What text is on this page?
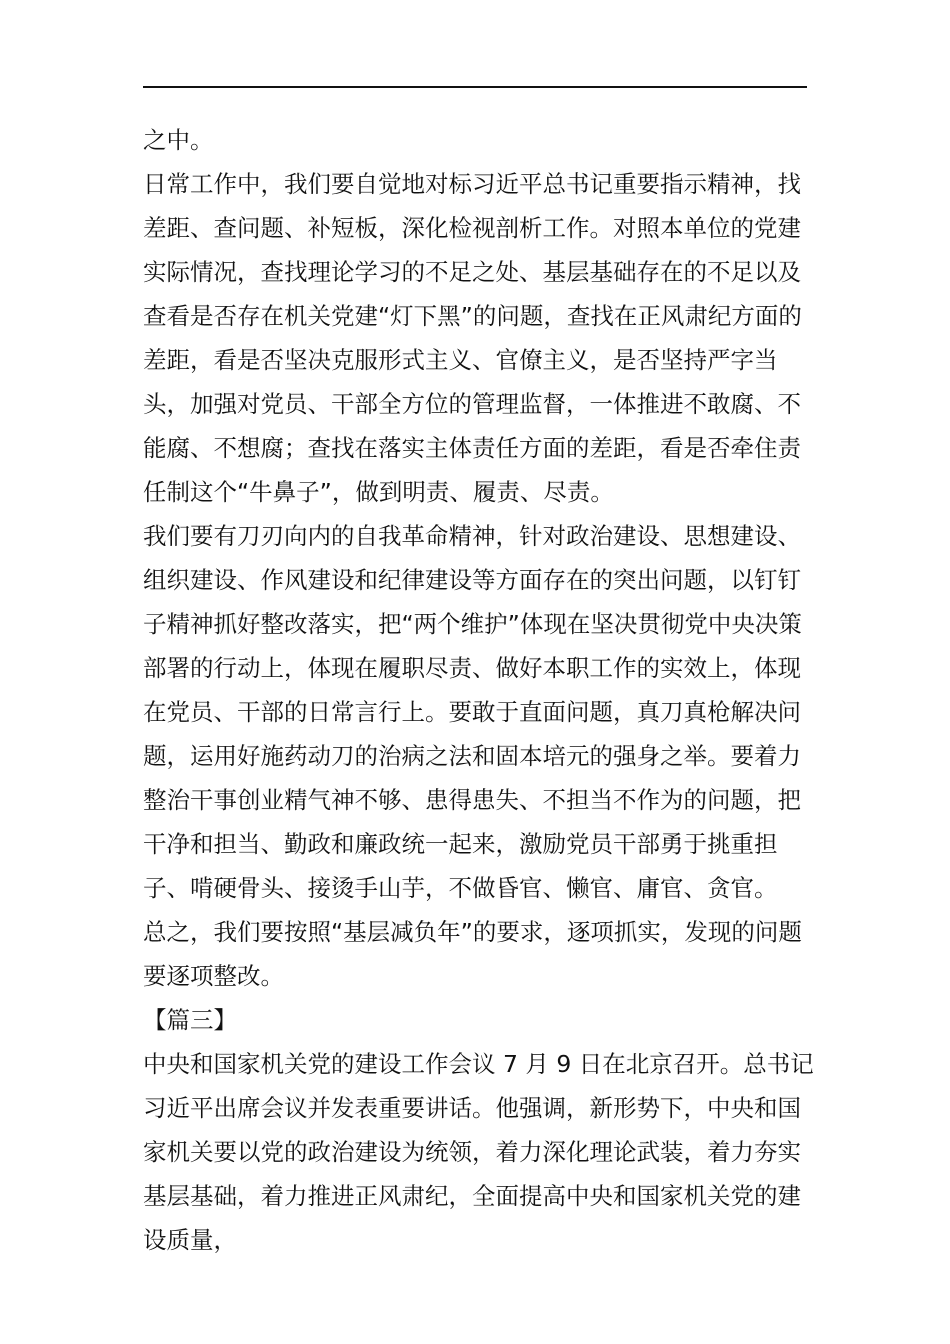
之中。

日常工作中，我们要自觉地对标习近平总书记重要指示精神，找差距、查问题、补短板，深化检视剖析工作。对照本单位的党建实际情况，查找理论学习的不足之处、基层基础存在的不足以及查看是否存在机关党建“灯下黑”的问题，查找在正风肃纪方面的差距，看是否坚决克服形式主义、官僚主义，是否坚持严字当头，加强对党员、干部全方位的管理监督，一体推进不敢腐、不能腐、不想腐；查找在落实主体责任方面的差距，看是否牵住责任制这个“牛鼻子”，做到明责、履责、尽责。

我们要有刀刃向内的自我革命精神，针对政治建设、思想建设、组织建设、作风建设和纪律建设等方面存在的突出问题，以钉钉子精神抓好整改落实，把“两个维护”体现在坚决贯彻党中央决策部署的行动上，体现在履职尽责、做好本职工作的实效上，体现在党员、干部的日常言行上。要敢于直面问题，真刀真枪解决问题，运用好施药动刀的治病之法和固本培元的强身之举。要着力整治干事创业精气神不够、患得患失、不担当不作为的问题，把干净和担当、勤政和廉政统一起来，激励党员干部勇于挑重担子、啃硬骨头、接烫手山芋，不做昏官、懒官、庸官、贪官。

总之，我们要按照“基层减负年”的要求，逐项抓实，发现的问题要逐项整改。

【篇三】

中央和国家机关党的建设工作会议 7 月 9 日在北京召开。总书记习近平出席会议并发表重要讲话。他强调，新形势下，中央和国家机关要以党的政治建设为统领，着力深化理论武装，着力夯实基层基础，着力推进正风肃纪，全面提高中央和国家机关党的建设质量，
